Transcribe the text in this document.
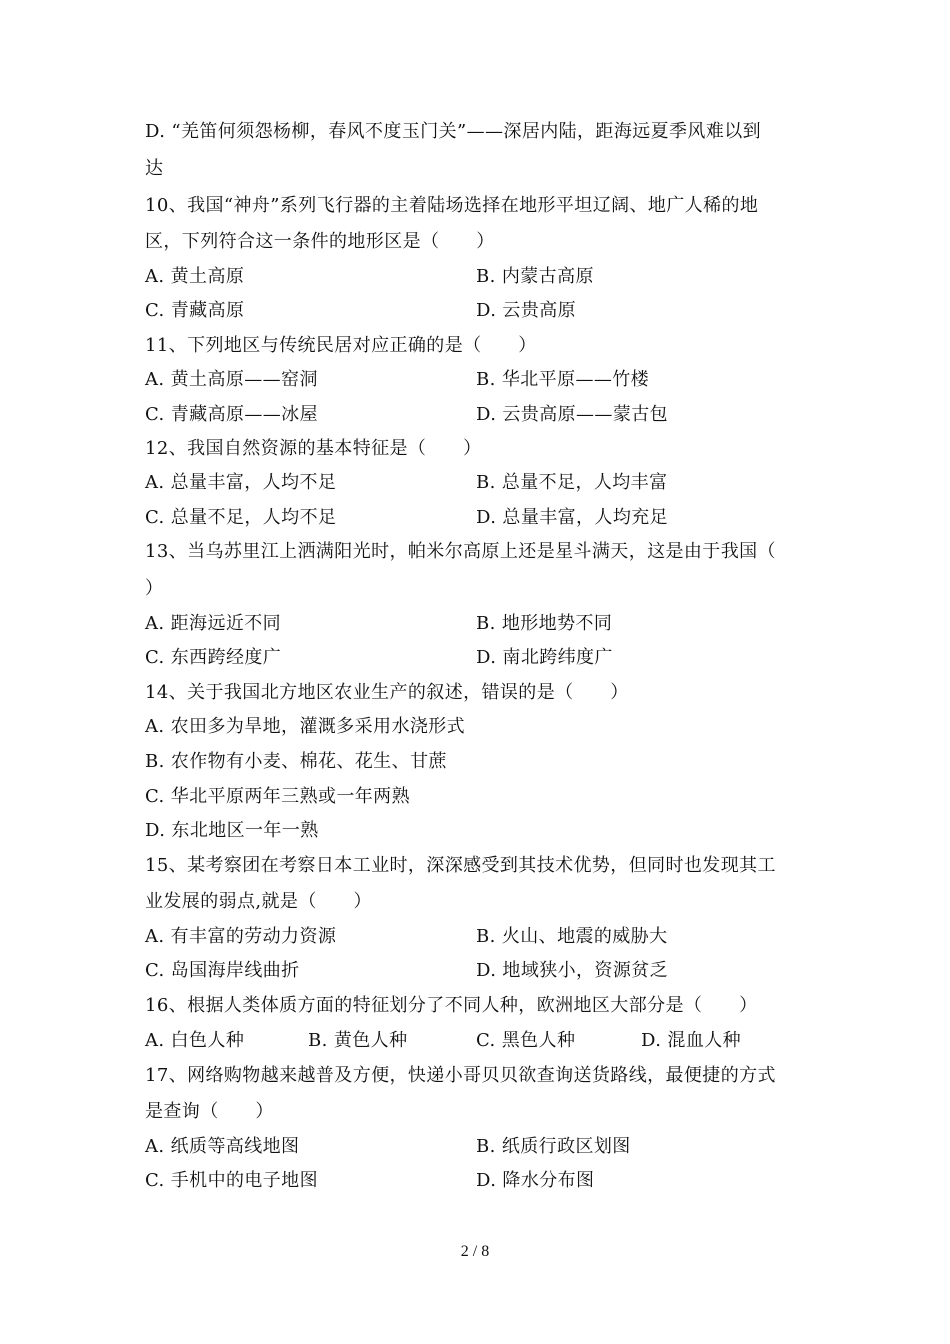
D. “羌笛何须怨杨柳，春风不度玉门关”——深居内陆，距海远夏季风难以到
达
10、我国“神舟”系列飞行器的主着陆场选择在地形平坦辽阔、地广人稀的地
区，下列符合这一条件的地形区是（　　）
A. 黄土高原	B. 内蒙古高原
C. 青藏高原	D. 云贵高原
11、下列地区与传统民居对应正确的是（　　）
A. 黄土高原——窑洞	B. 华北平原——竹楼
C. 青藏高原——冰屋	D. 云贵高原——蒙古包
12、我国自然资源的基本特征是（　　）
A. 总量丰富，人均不足	B. 总量不足，人均丰富
C. 总量不足，人均不足	D. 总量丰富，人均充足
13、当乌苏里江上洒满阳光时，帕米尔高原上还是星斗满天，这是由于我国（
）
A. 距海远近不同	B. 地形地势不同
C. 东西跨经度广	D. 南北跨纬度广
14、关于我国北方地区农业生产的叙述，错误的是（　　）
A. 农田多为旱地，灌溉多采用水浇形式
B. 农作物有小麦、棉花、花生、甘蔗
C. 华北平原两年三熟或一年两熟
D. 东北地区一年一熟
15、某考察团在考察日本工业时，深深感受到其技术优势，但同时也发现其工
业发展的弱点,就是（　　）
A. 有丰富的劳动力资源	B. 火山、地震的威胁大
C. 岛国海岸线曲折	D. 地域狭小，资源贫乏
16、根据人类体质方面的特征划分了不同人种，欧洲地区大部分是（　　）
A. 白色人种	B. 黄色人种	C. 黑色人种	D. 混血人种
17、网络购物越来越普及方便，快递小哥贝贝欲查询送货路线，最便捷的方式
是查询（　　）
A. 纸质等高线地图	B. 纸质行政区划图
C. 手机中的电子地图	D. 降水分布图
2 / 8
